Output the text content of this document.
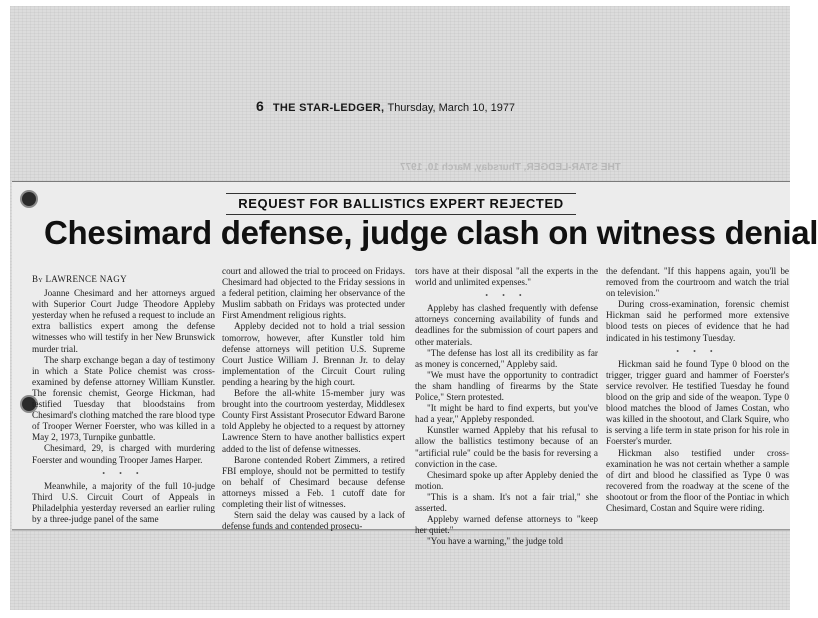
6 THE STAR-LEDGER, Thursday, March 10, 1977
THE STAR-LEDGER, Thursday, March 10, 1977
REQUEST FOR BALLISTICS EXPERT REJECTED
Chesimard defense, judge clash on witness denial

By LAWRENCE NAGY

Joanne Chesimard and her attorneys argued with Superior Court Judge Theodore Appleby yesterday when he refused a request to include an extra ballistics expert among the defense witnesses who will testify in her New Brunswick murder trial.

The sharp exchange began a day of testimony in which a State Police chemist was cross-examined by defense attorney William Kunstler. The forensic chemist, George Hickman, had testified Tuesday that bloodstains from Chesimard's clothing matched the rare blood type of Trooper Werner Foerster, who was killed in a May 2, 1973, Turnpike gunbattle.

Chesimard, 29, is charged with murdering Foerster and wounding Trooper James Harper.

• • •

Meanwhile, a majority of the full 10-judge Third U.S. Circuit Court of Appeals in Philadelphia yesterday reversed an earlier ruling by a three-judge panel of the same

court and allowed the trial to proceed on Fridays. Chesimard had objected to the Friday sessions in a federal petition, claiming her observance of the Muslim sabbath on Fridays was protected under First Amendment religious rights.

Appleby decided not to hold a trial session tomorrow, however, after Kunstler told him defense attorneys will petition U.S. Supreme Court Justice William J. Brennan Jr. to delay implementation of the Circuit Court ruling pending a hearing by the high court.

Before the all-white 15-member jury was brought into the courtroom yesterday, Middlesex County First Assistant Prosecutor Edward Barone told Appleby he objected to a request by attorney Lawrence Stern to have another ballistics expert added to the list of defense witnesses.

Barone contended Robert Zimmers, a retired FBI employe, should not be permitted to testify on behalf of Chesimard because defense attorneys missed a Feb. 1 cutoff date for completing their list of witnesses.

Stern said the delay was caused by a lack of defense funds and contended prosecu-

tors have at their disposal "all the experts in the world and unlimited expenses."

• • •

Appleby has clashed frequently with defense attorneys concerning availability of funds and deadlines for the submission of court papers and other materials.

"The defense has lost all its credibility as far as money is concerned," Appleby said.

"We must have the opportunity to contradict the sham handling of firearms by the State Police," Stern protested.

"It might be hard to find experts, but you've had a year," Appleby responded.

Kunstler warned Appleby that his refusal to allow the ballistics testimony because of an "artificial rule" could be the basis for reversing a conviction in the case.

Chesimard spoke up after Appleby denied the motion.

"This is a sham. It's not a fair trial," she asserted.

Appleby warned defense attorneys to "keep her quiet."

"You have a warning," the judge told

the defendant. "If this happens again, you'll be removed from the courtroom and watch the trial on television."

During cross-examination, forensic chemist Hickman said he performed more extensive blood tests on pieces of evidence that he had indicated in his testimony Tuesday.

• • •

Hickman said he found Type 0 blood on the trigger, trigger guard and hammer of Foerster's service revolver. He testified Tuesday he found blood on the grip and side of the weapon. Type 0 blood matches the blood of James Costan, who was killed in the shootout, and Clark Squire, who is serving a life term in state prison for his role in Foerster's murder.

Hickman also testified under cross-examination he was not certain whether a sample of dirt and blood he classified as Type 0 was recovered from the roadway at the scene of the shootout or from the floor of the Pontiac in which Chesimard, Costan and Squire were riding.
